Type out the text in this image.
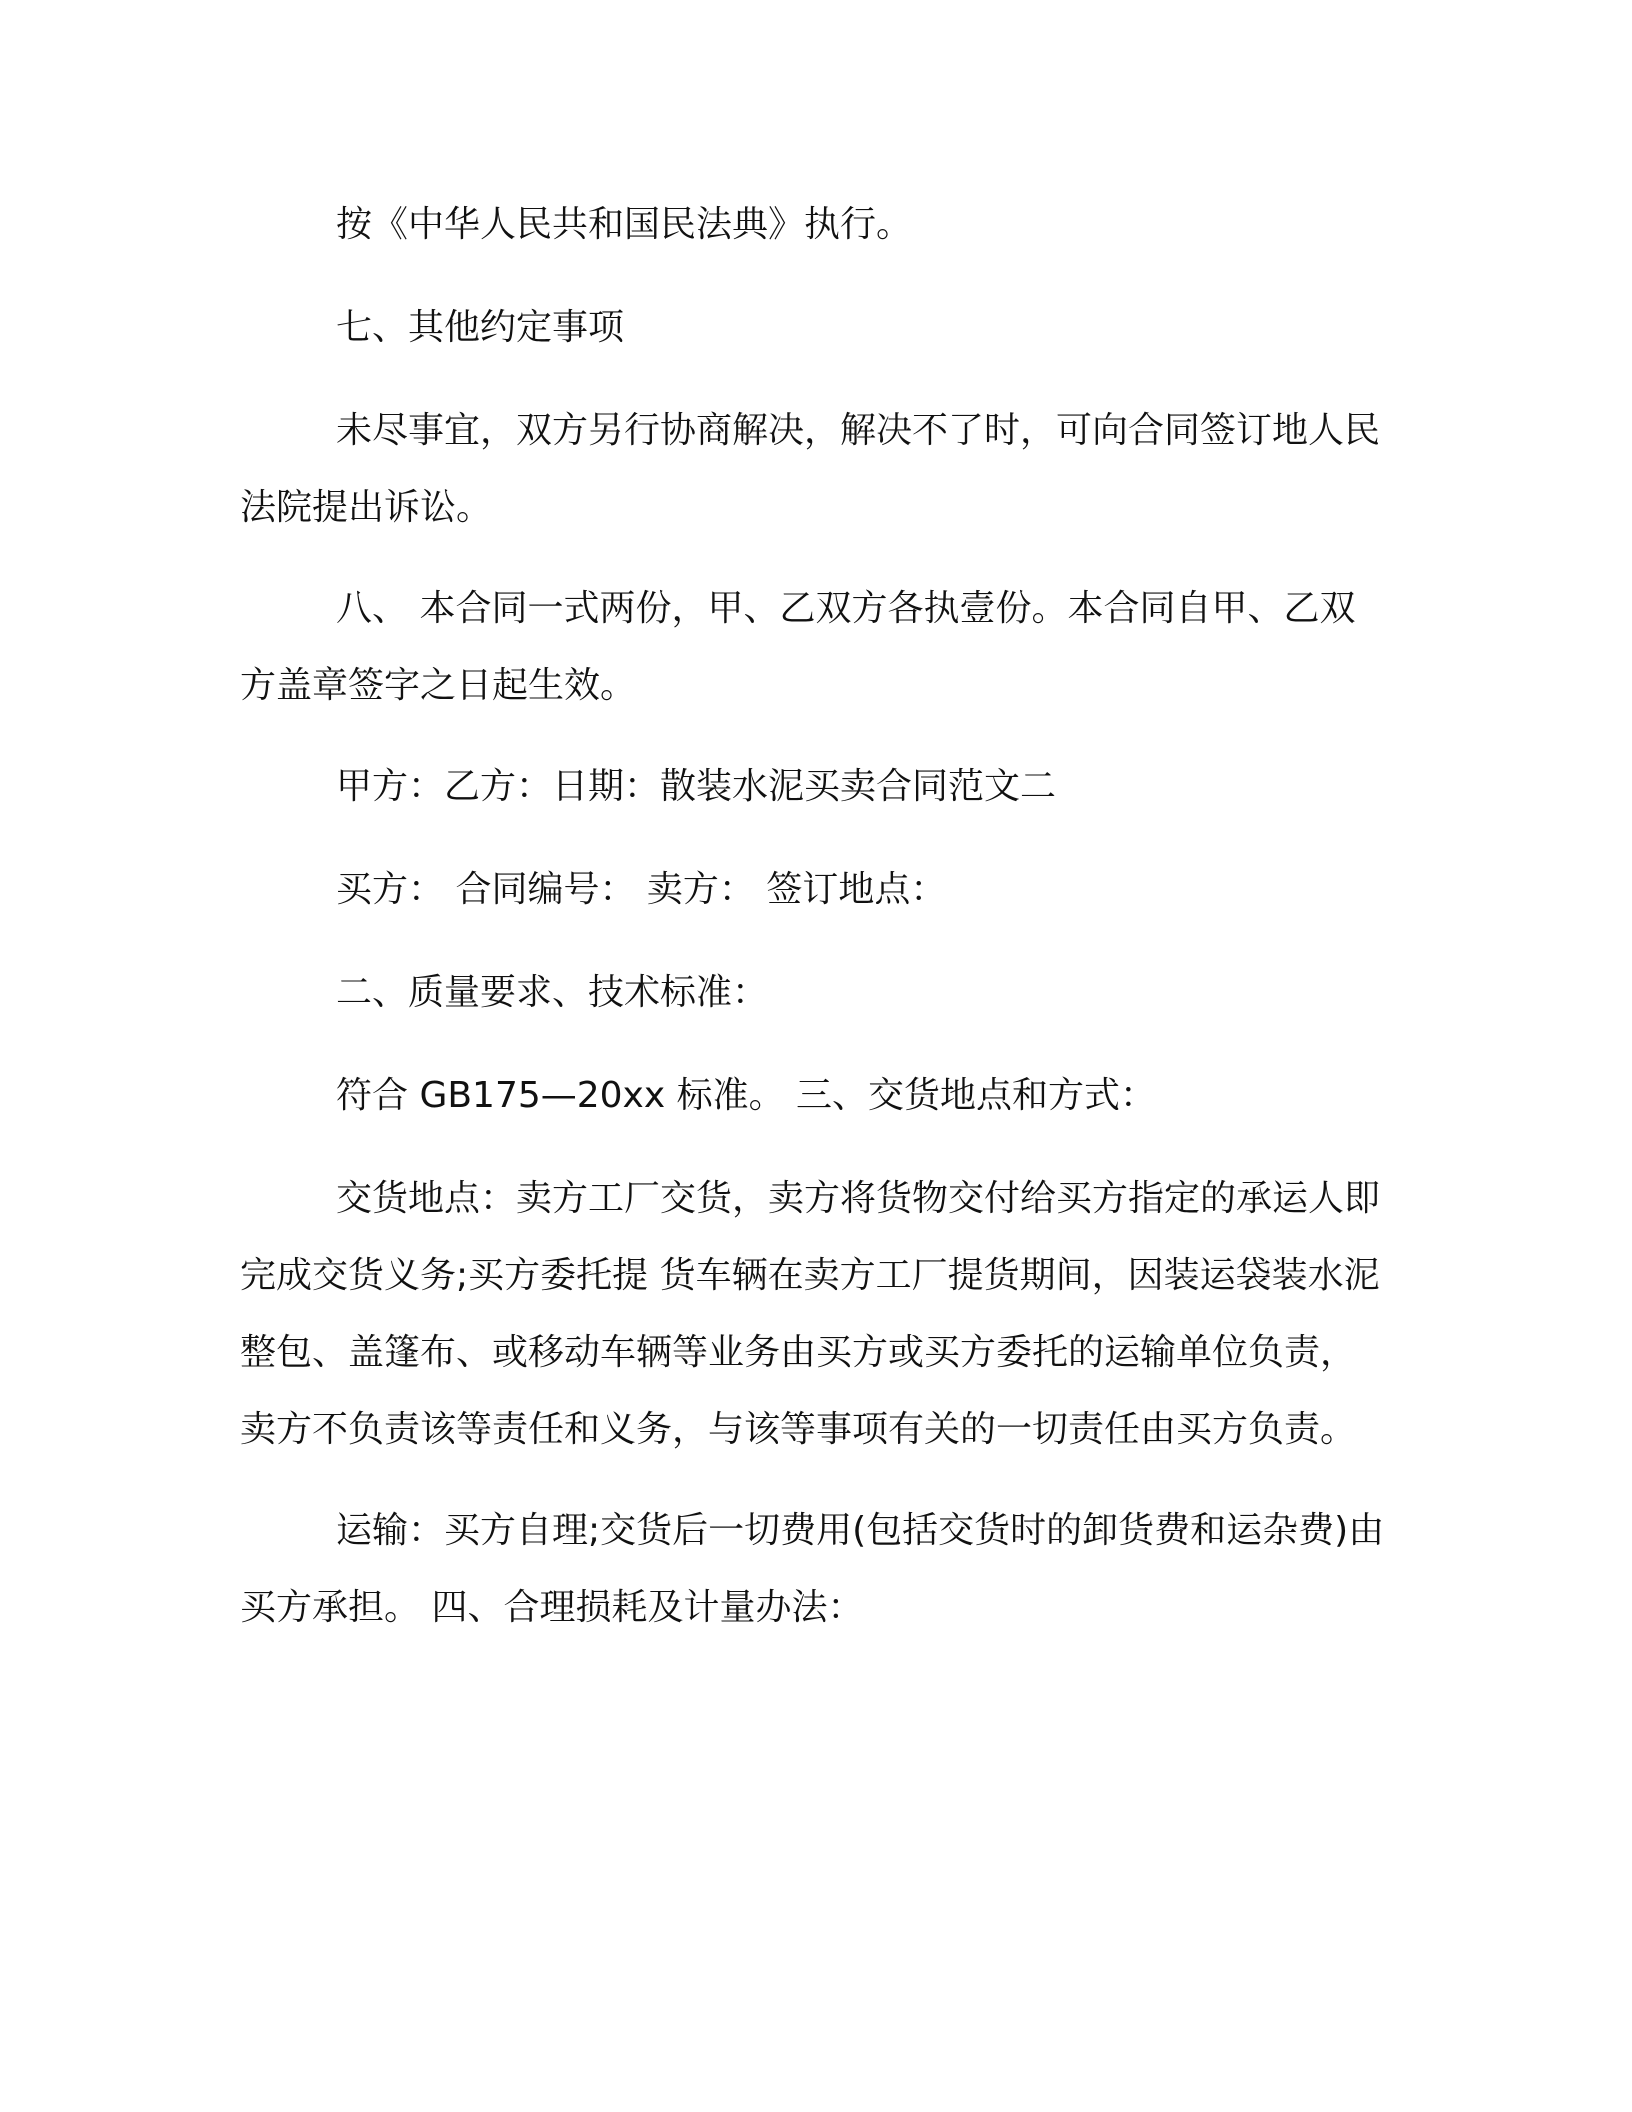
按《中华人民共和国民法典》执行。

七、其他约定事项

未尽事宜，双方另行协商解决，解决不了时，可向合同签订地人民法院提出诉讼。

八、 本合同一式两份，甲、乙双方各执壹份。本合同自甲、乙双方盖章签字之日起生效。

甲方：乙方：日期：散装水泥买卖合同范文二

买方： 合同编号： 卖方： 签订地点：

二、质量要求、技术标准：

符合 GB175—20xx 标准。 三、交货地点和方式：

交货地点：卖方工厂交货，卖方将货物交付给买方指定的承运人即完成交货义务;买方委托提 货车辆在卖方工厂提货期间，因装运袋装水泥整包、盖篷布、或移动车辆等业务由买方或买方委托的运输单位负责，卖方不负责该等责任和义务，与该等事项有关的一切责任由买方负责。

运输：买方自理;交货后一切费用(包括交货时的卸货费和运杂费)由买方承担。 四、合理损耗及计量办法：
